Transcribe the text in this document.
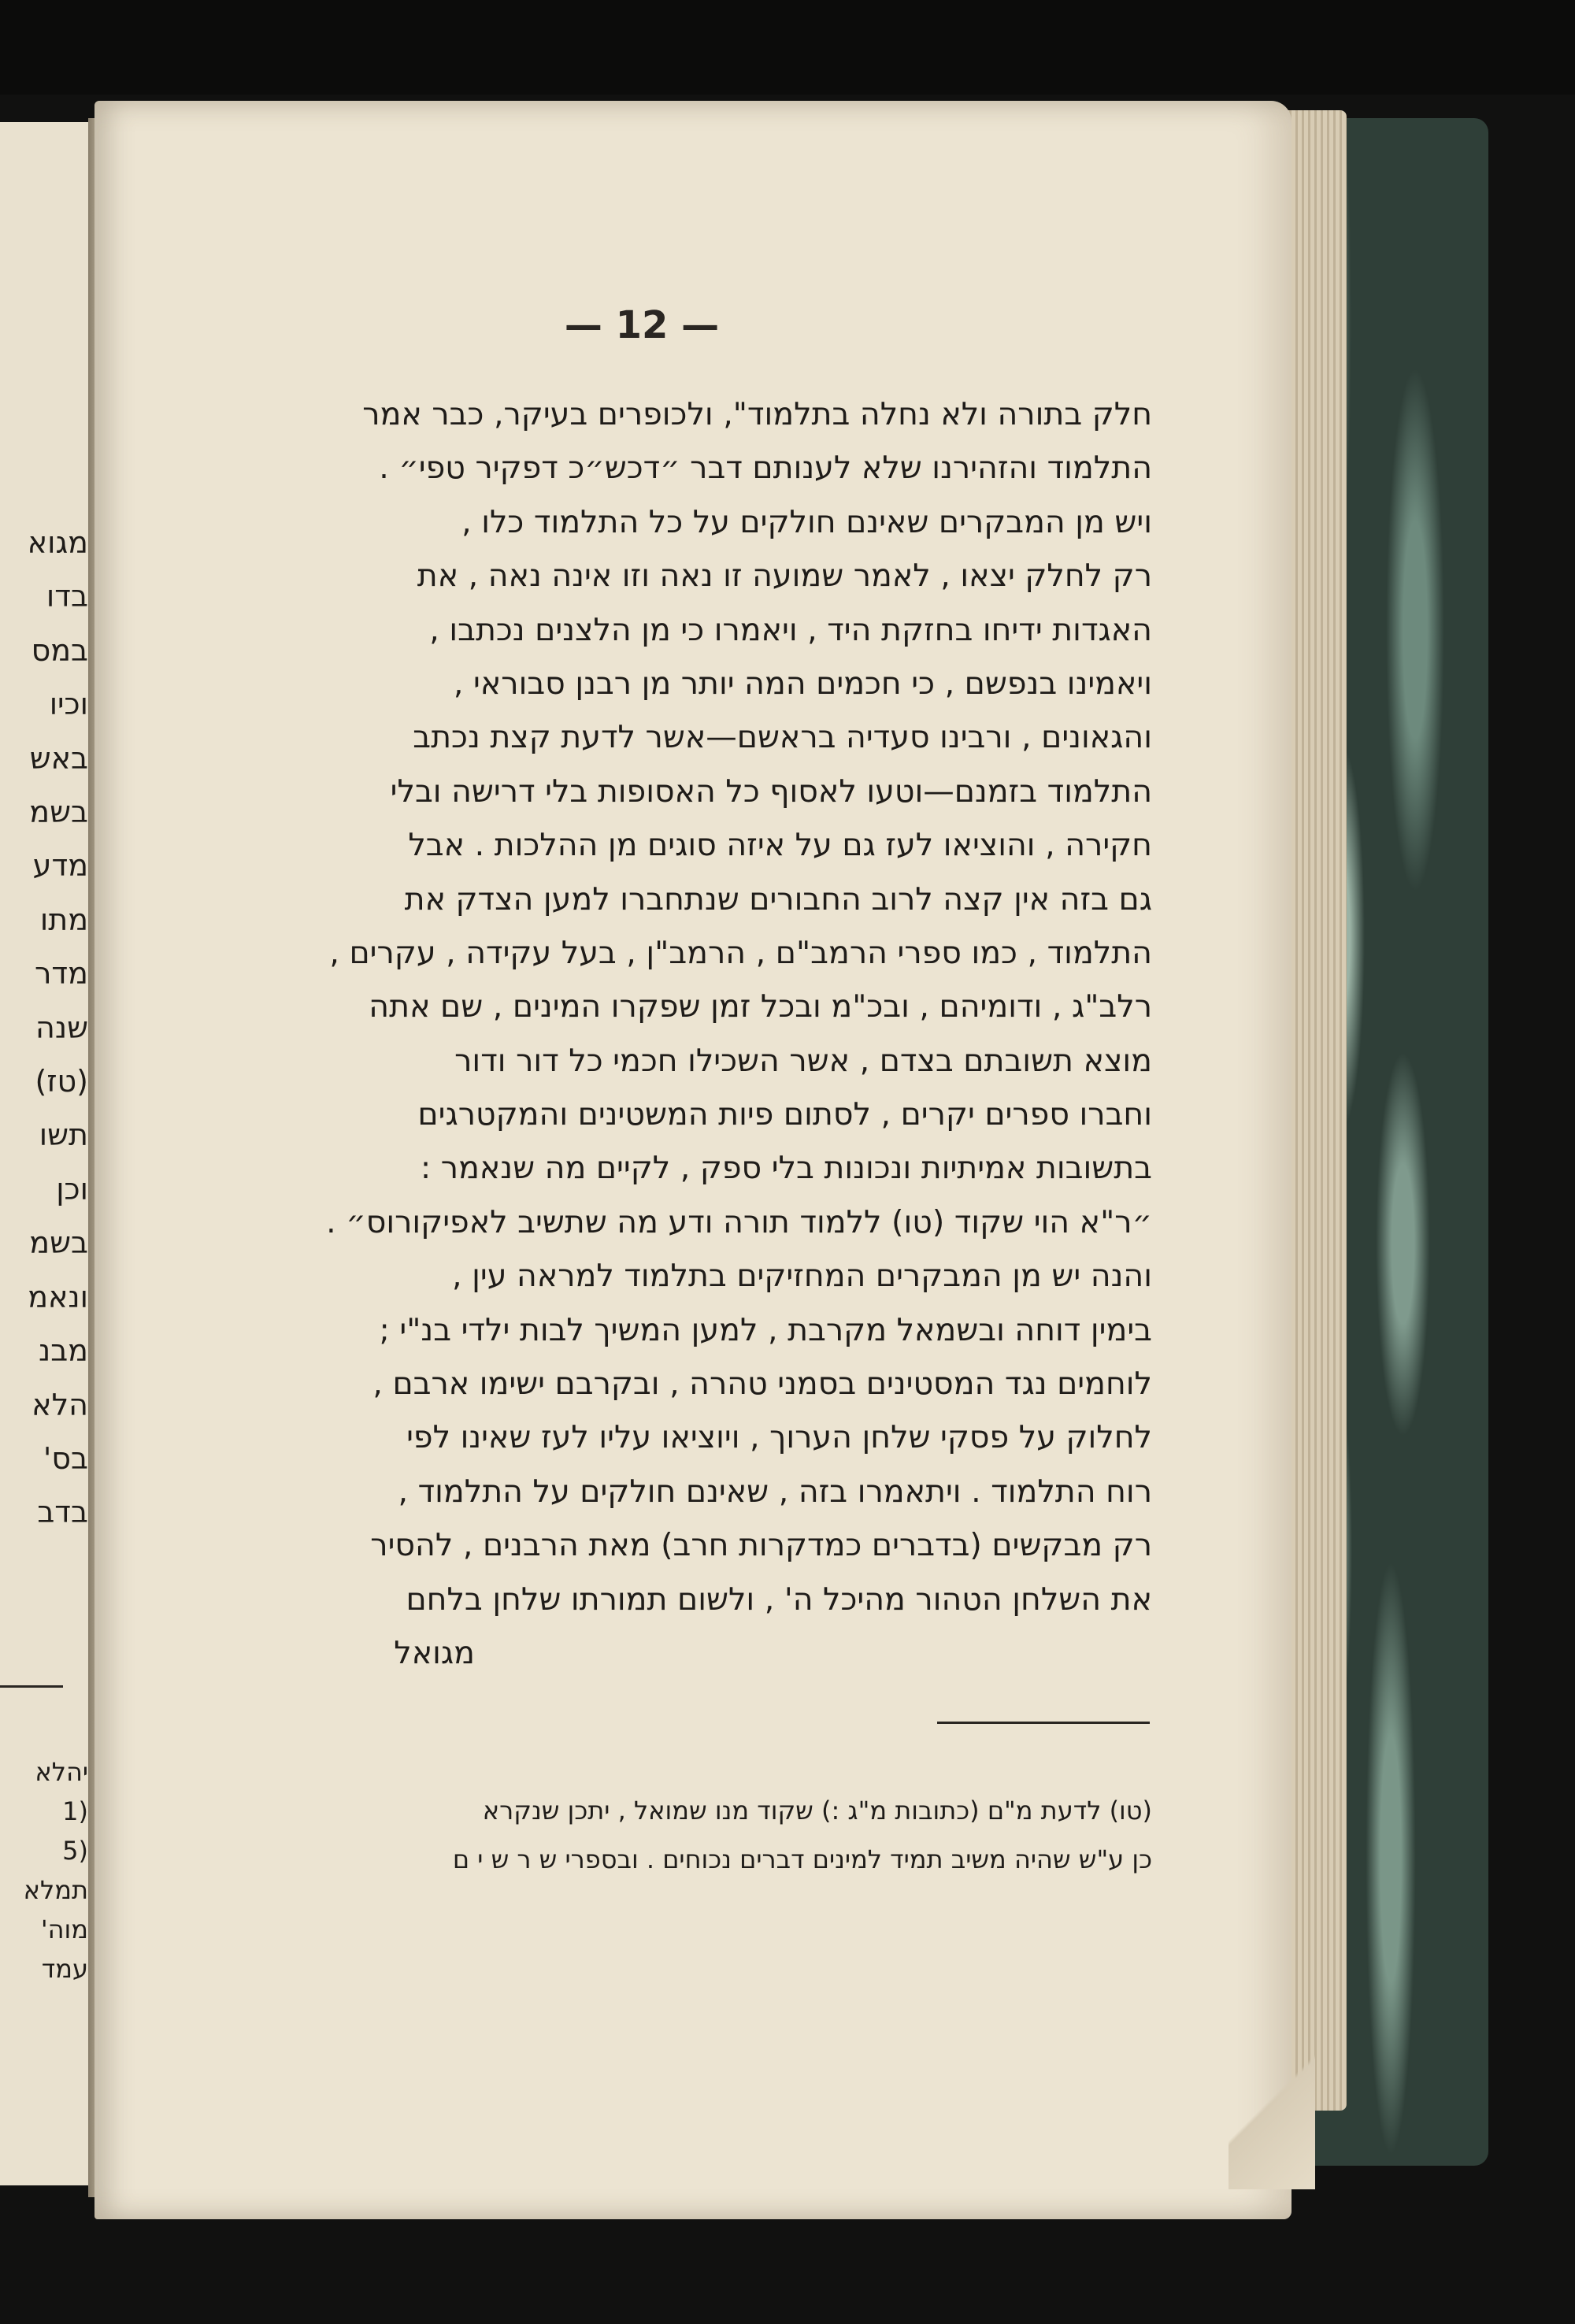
מגוא
בדו
במס
וכיו
באש
בשמ
מדע
מתו
מדר
שנה
(טז)
תשו
וכן
בשמ
ונאמ
מבנ
הלא
בס'
בדב
יהלא
(1
(5
תמלא
מוה'
עמד
— 12 —
חלק בתורה ולא נחלה בתלמוד", ולכופרים בעיקר, כבר אמר
התלמוד והזהירנו שלא לענותם דבר ״דכש״כ דפקיר טפי״ .
ויש מן המבקרים שאינם חולקים על כל התלמוד כלו ,
רק לחלק יצאו , לאמר שמועה זו נאה וזו אינה נאה , את
האגדות ידיחו בחזקת היד , ויאמרו כי מן הלצנים נכתבו ,
ויאמינו בנפשם , כי חכמים המה יותר מן רבנן סבוראי ,
והגאונים , ורבינו סעדיה בראשם—אשר לדעת קצת נכתב
התלמוד בזמנם—וטעו לאסוף כל האסופות בלי דרישה ובלי
חקירה , והוציאו לעז גם על איזה סוגים מן ההלכות . אבל
גם בזה אין קצה לרוב החבורים שנתחברו למען הצדק את
התלמוד , כמו ספרי הרמב"ם , הרמב"ן , בעל עקידה , עקרים ,
רלב"ג , ודומיהם , ובכ"מ ובכל זמן שפקרו המינים , שם אתה
מוצא תשובתם בצדם , אשר השכילו חכמי כל דור ודור
וחברו ספרים יקרים , לסתום פיות המשטינים והמקטרגים
בתשובות אמיתיות ונכונות בלי ספק , לקיים מה שנאמר :
״ר"א הוי שקוד (טו) ללמוד תורה ודע מה שתשיב לאפיקורוס״ .
והנה יש מן המבקרים המחזיקים בתלמוד למראה עין ,
בימין דוחה ובשמאל מקרבת , למען המשיך לבות ילדי בנ"י ;
לוחמים נגד המסטינים בסמני טהרה , ובקרבם ישימו ארבם ,
לחלוק על פסקי שלחן הערוך , ויוציאו עליו לעז שאינו לפי
רוח התלמוד . ויתאמרו בזה , שאינם חולקים על התלמוד ,
רק מבקשים (בדברים כמדקרות חרב) מאת הרבנים , להסיר
את השלחן הטהור מהיכל ה' , ולשום תמורתו שלחן בלחם
מגואל
(טו) לדעת מ"ם (כתובות מ"ג :) שקוד מנו שמואל , יתכן שנקרא
כן ע"ש שהיה משיב תמיד למינים דברים נכוחים . ובספרי ש ר ש י ם
